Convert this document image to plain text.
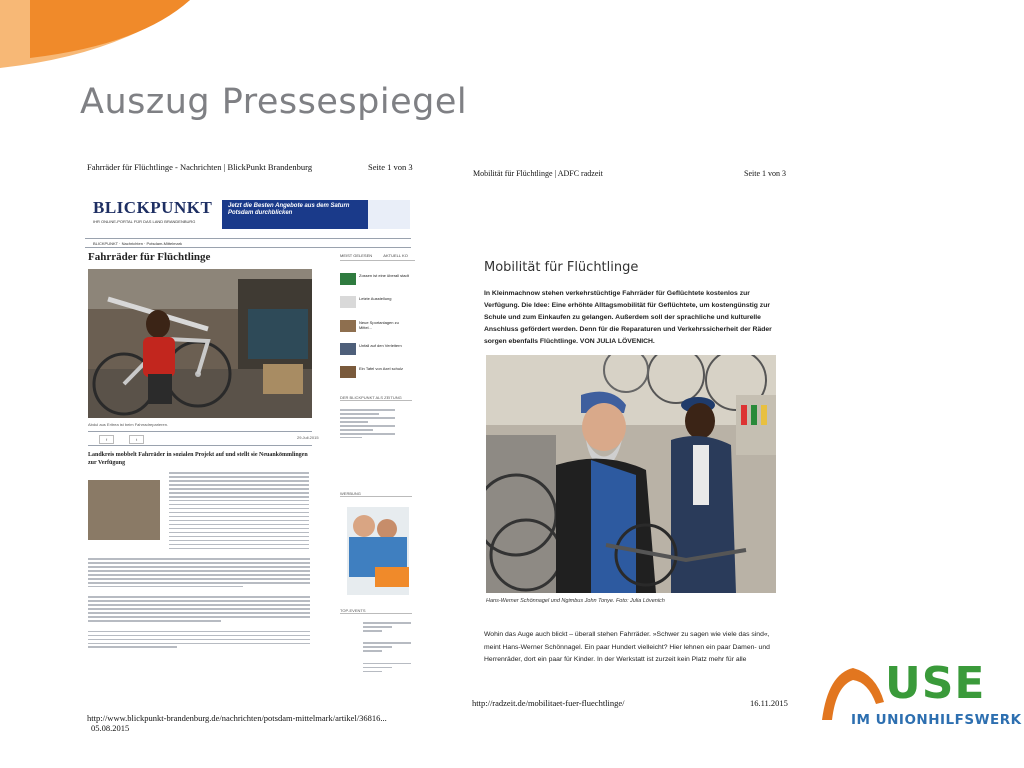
Auszug Pressespiegel
Fahrräder für Flüchtlinge - Nachrichten | BlickPunkt Brandenburg	Seite 1 von 3
BLICKPUNKT
IHR ONLINE-PORTAL FÜR DAS LAND BRANDENBURG
Jetzt die Besten Angebote aus dem Saturn Potsdam durchblicken
BLICKPUNKT · Nachrichten · Potsdam-Mittelmark
Fahrräder für Flüchtlinge
Abdul aus Eritrea ist beim Fahrradreparieren.
f	t	29.Juli.2015
Landkreis mobbelt Fahrräder in sozialen Projekt auf und stellt sie Neuankömmlingen zur Verfügung
MEIST GELESEN	AKTUELL KO
Zossen ist eine überall stadt
Letzte Ausstellung
Neue Sportanlagen zu Mittel...
Unfall auf den Verleitern
Ein Tafel von Axel schulz
DER BLICKPUNKT ALS ZEITUNG
WERBUNG
TOP-EVENTS
http://www.blickpunkt-brandenburg.de/nachrichten/potsdam-mittelmark/artikel/36816... 05.08.2015
Mobilität für Flüchtlinge | ADFC radzeit	Seite 1 von 3
Mobilität für Flüchtlinge
In Kleinmachnow stehen verkehrstüchtige Fahrräder für Geflüchtete kostenlos zur Verfügung. Die Idee: Eine erhöhte Alltagsmobilität für Geflüchtete, um kostengünstig zur Schule und zum Einkaufen zu gelangen. Außerdem soll der sprachliche und kulturelle Anschluss gefördert werden. Denn für die Reparaturen und Verkehrssicherheit der Räder sorgen ebenfalls Flüchtlinge. VON JULIA LÖVENICH.
Hans-Werner Schönnagel und Ngimbus John Tonye. Foto: Julia Lövenich
Wohin das Auge auch blickt – überall stehen Fahrräder. »Schwer zu sagen wie viele das sind«, meint Hans-Werner Schönnagel. Ein paar Hundert vielleicht? Hier lehnen ein paar Damen- und Herrenräder, dort ein paar für Kinder. In der Werkstatt ist zurzeit kein Platz mehr für alle
http://radzeit.de/mobilitaet-fuer-fluechtlinge/	16.11.2015 USE
IM UNIONHILFSWERK
